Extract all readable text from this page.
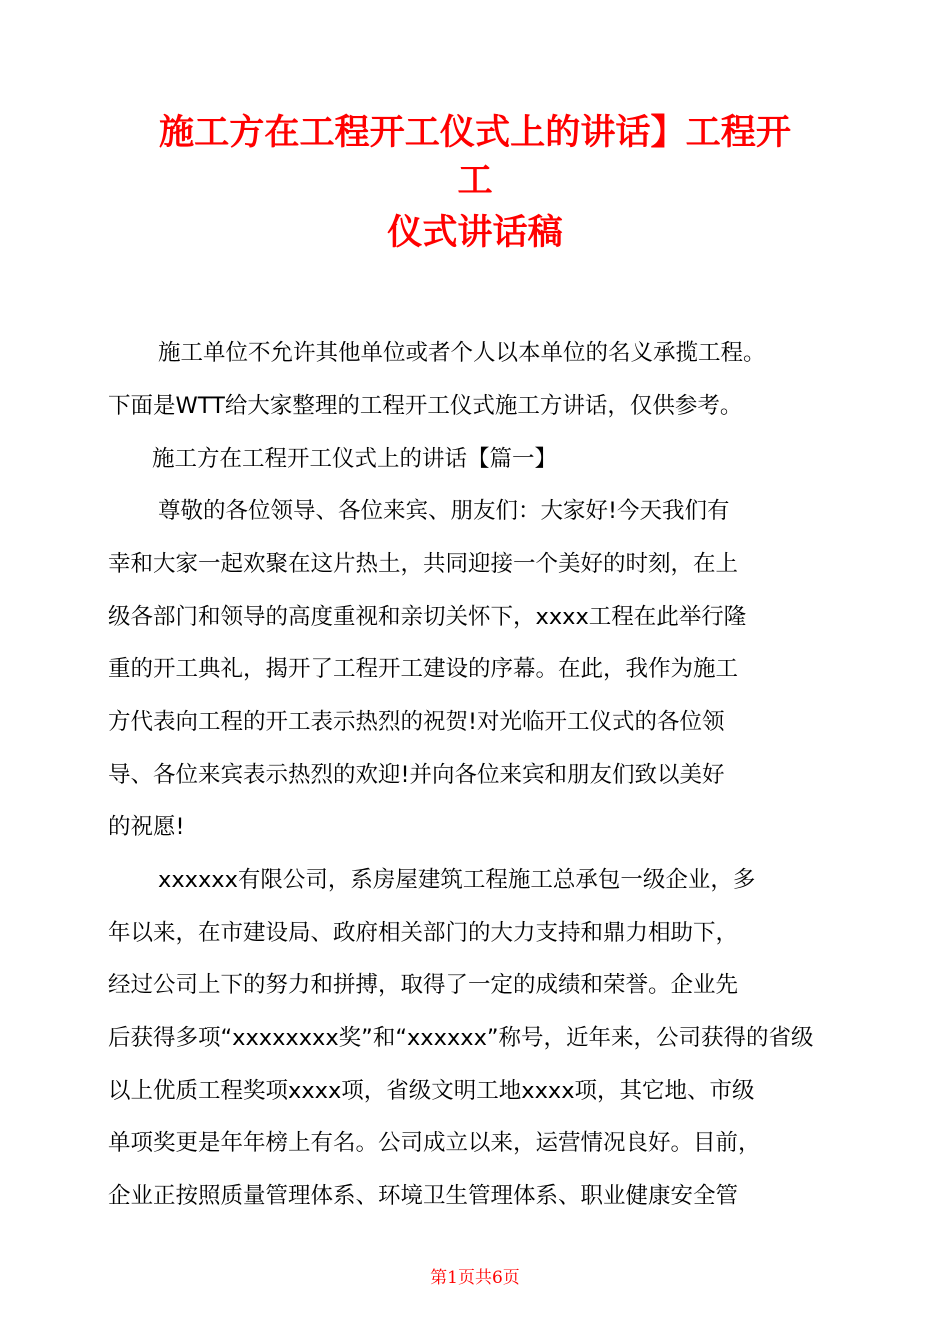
施工方在工程开工仪式上的讲话】工程开
工
仪式讲话稿
施工单位不允许其他单位或者个人以本单位的名义承揽工程。
下面是WTT给大家整理的工程开工仪式施工方讲话，仅供参考。
施工方在工程开工仪式上的讲话【篇一】
尊敬的各位领导、各位来宾、朋友们：大家好!今天我们有
幸和大家一起欢聚在这片热土，共同迎接一个美好的时刻，在上
级各部门和领导的高度重视和亲切关怀下，xxxx工程在此举行隆
重的开工典礼，揭开了工程开工建设的序幕。在此，我作为施工
方代表向工程的开工表示热烈的祝贺!对光临开工仪式的各位领
导、各位来宾表示热烈的欢迎!并向各位来宾和朋友们致以美好
的祝愿!
xxxxxx有限公司，系房屋建筑工程施工总承包一级企业，多
年以来，在市建设局、政府相关部门的大力支持和鼎力相助下，
经过公司上下的努力和拼搏，取得了一定的成绩和荣誉。企业先
后获得多项“xxxxxxxx奖”和“xxxxxx”称号，近年来，公司获得的省级
以上优质工程奖项xxxx项，省级文明工地xxxx项，其它地、市级
单项奖更是年年榜上有名。公司成立以来，运营情况良好。目前，
企业正按照质量管理体系、环境卫生管理体系、职业健康安全管
第1页共6页
